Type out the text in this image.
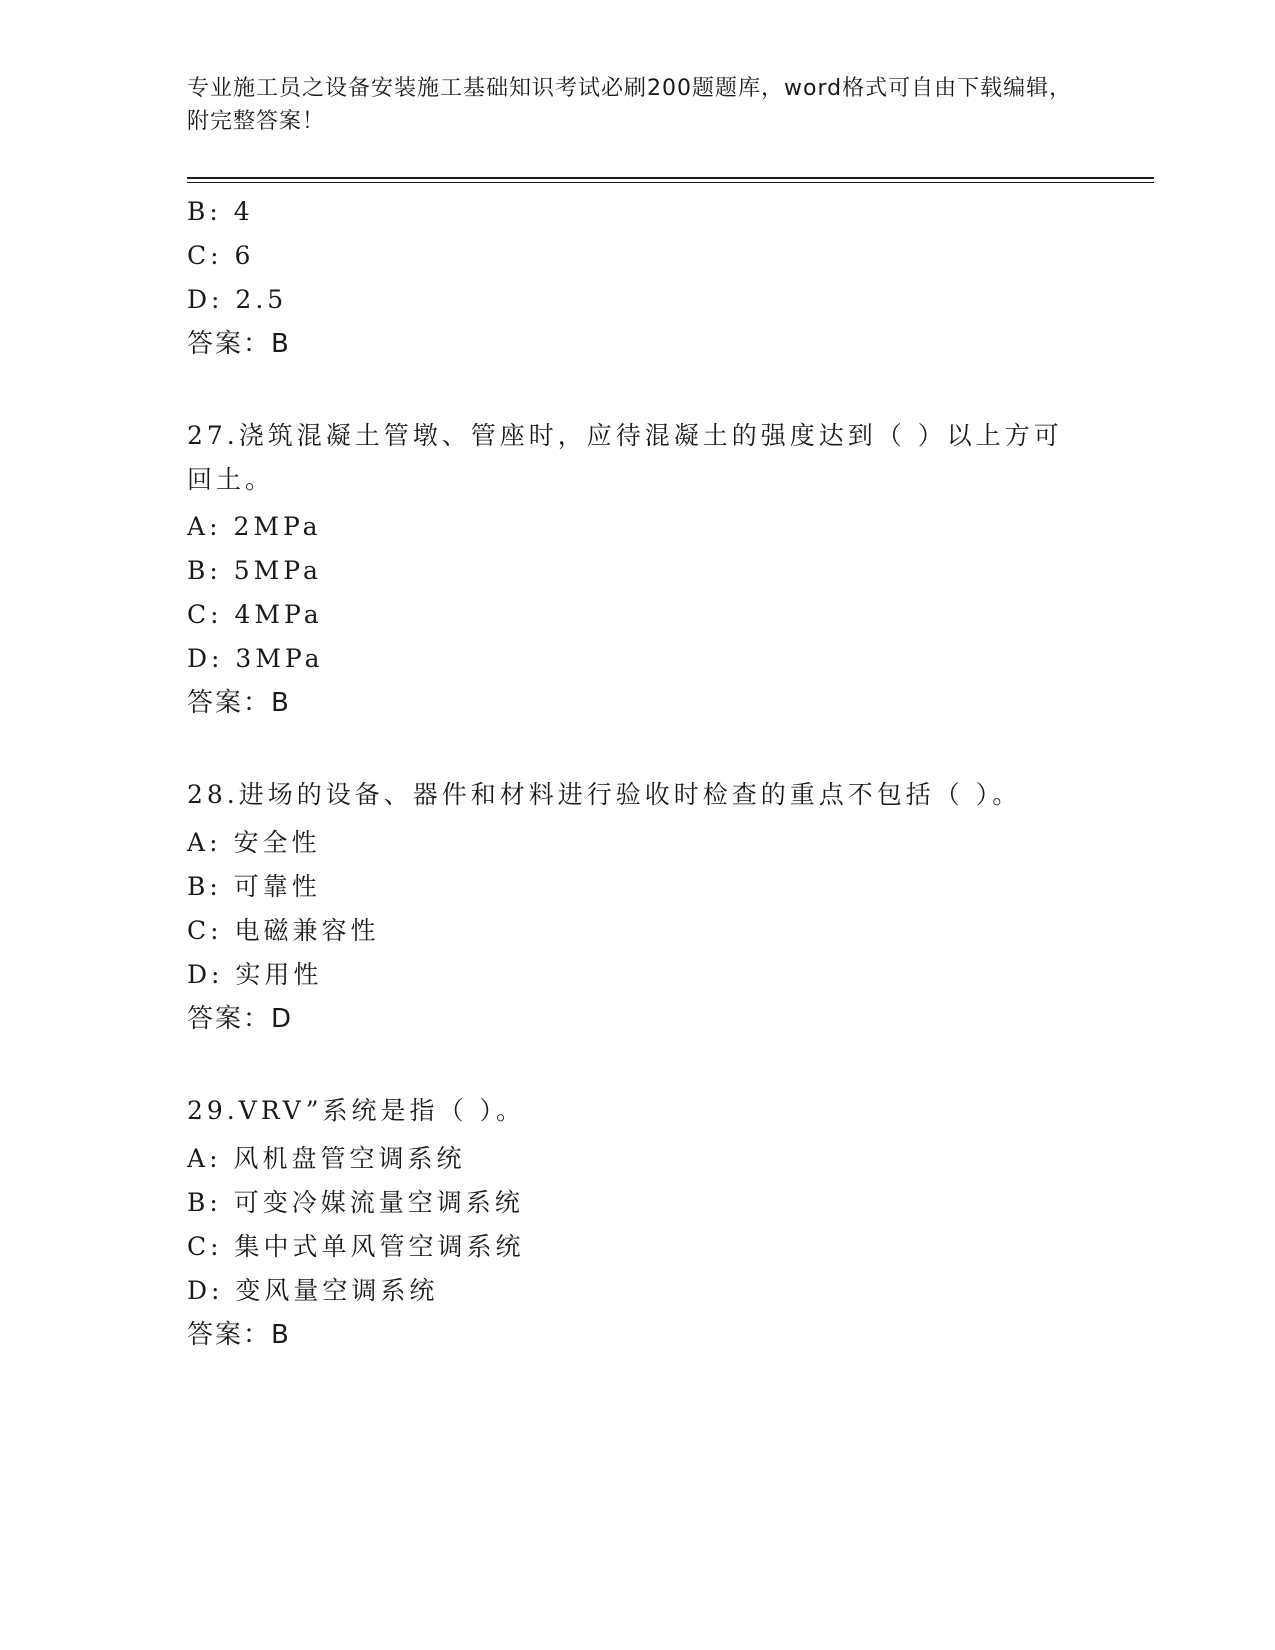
专业施工员之设备安装施工基础知识考试必刷200题题库，word格式可自由下载编辑，附完整答案！
B: 4
C: 6
D: 2.5
答案：B
27.浇筑混凝土管墩、管座时，应待混凝土的强度达到（ ）以上方可回土。
A: 2MPa
B: 5MPa
C: 4MPa
D: 3MPa
答案：B
28.进场的设备、器件和材料进行验收时检查的重点不包括（ ）。
A: 安全性
B: 可靠性
C: 电磁兼容性
D: 实用性
答案：D
29.VRV”系统是指（ ）。
A: 风机盘管空调系统
B: 可变冷媒流量空调系统
C: 集中式单风管空调系统
D: 变风量空调系统
答案：B
